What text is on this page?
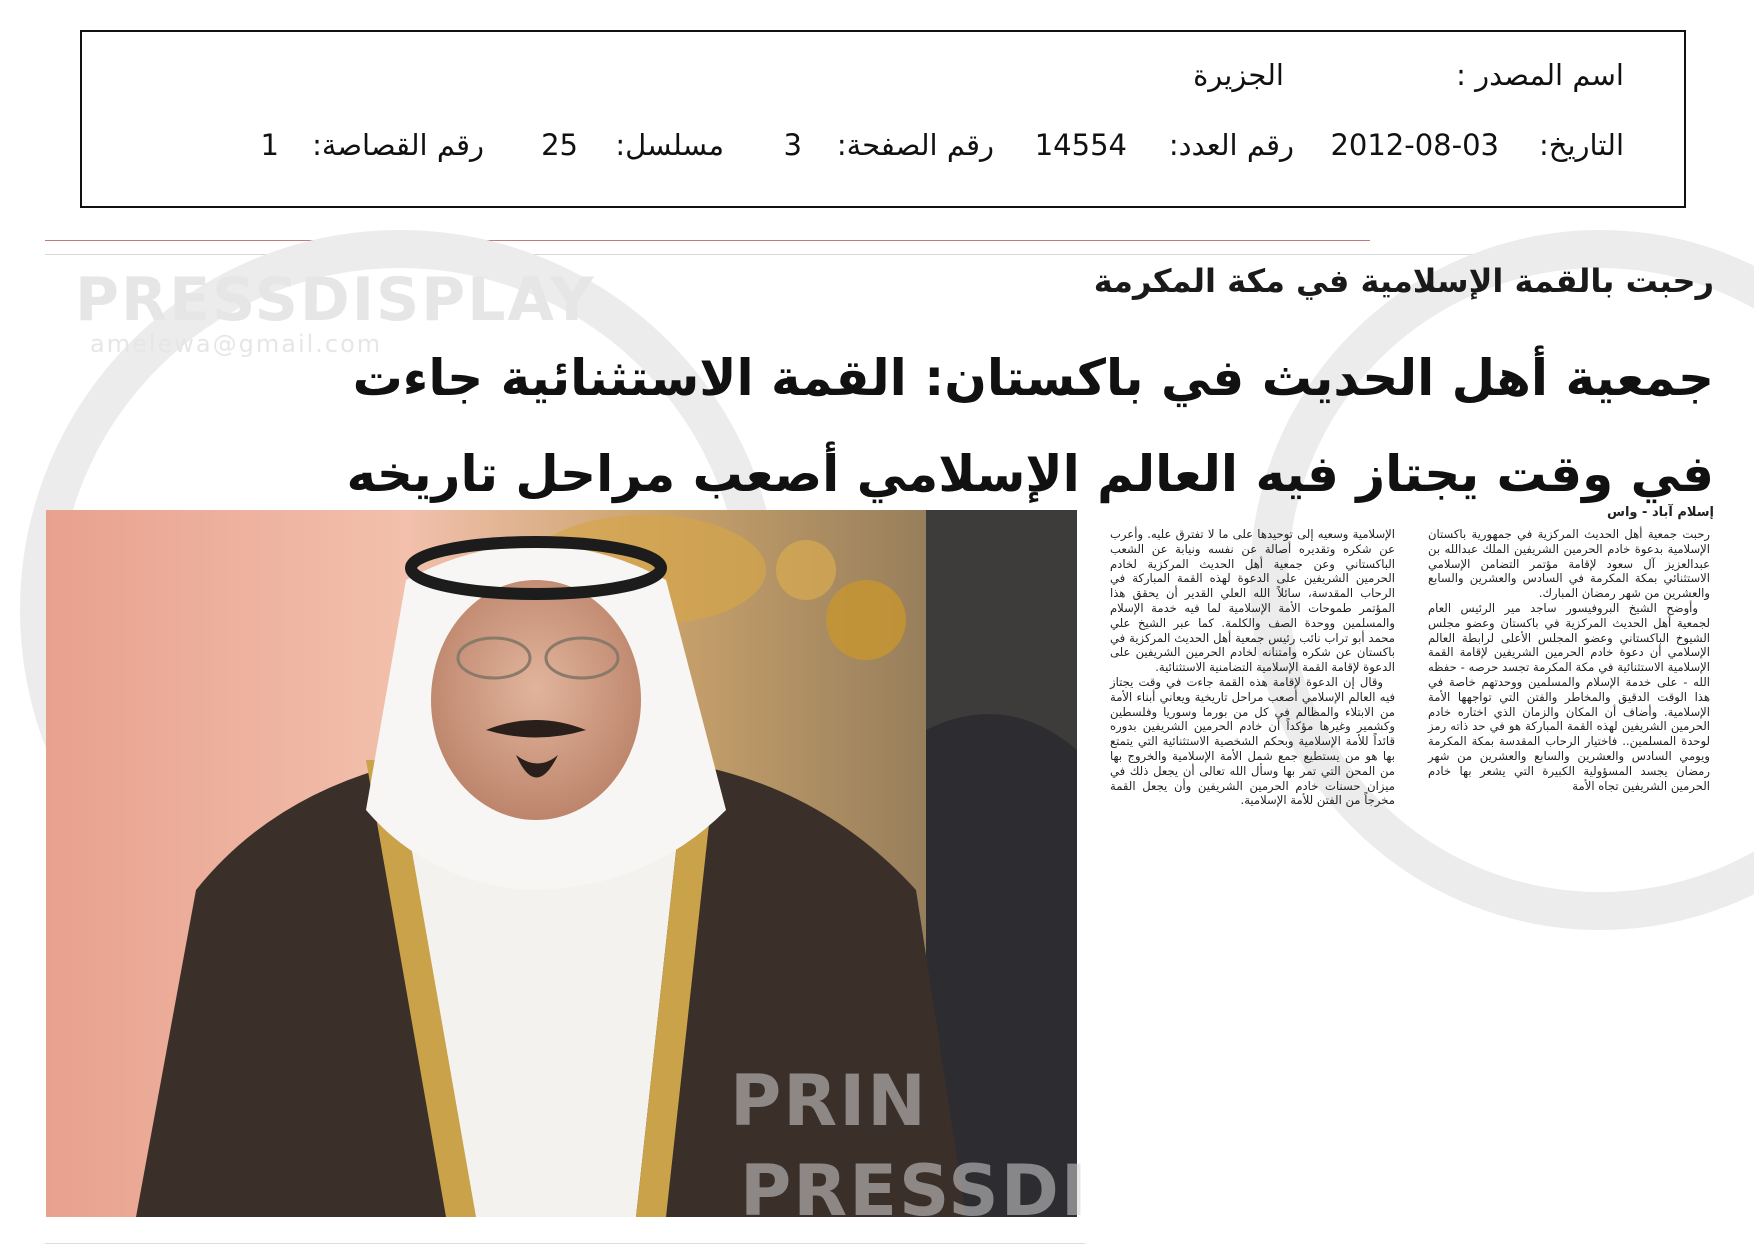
اسم المصدر :
الجزيرة
التاريخ:
2012-08-03
رقم العدد:
14554
رقم الصفحة:
3
مسلسل:
25
رقم القصاصة:
1
PRESSDISPLAY
amelewa@gmail.com
رحبت بالقمة الإسلامية في مكة المكرمة
جمعية أهل الحديث في باكستان: القمة الاستثنائية جاءت
في وقت يجتاز فيه العالم الإسلامي أصعب مراحل تاريخه
إسلام آباد - واس

رحبت جمعية أهل الحديث المركزية في جمهورية باكستان الإسلامية بدعوة خادم الحرمين الشريفين الملك عبدالله بن عبدالعزيز آل سعود لإقامة مؤتمر التضامن الإسلامي الاستثنائي بمكة المكرمة في السادس والعشرين والسابع والعشرين من شهر رمضان المبارك.

وأوضح الشيخ البروفيسور ساجد مير الرئيس العام لجمعية أهل الحديث المركزية في باكستان وعضو مجلس الشيوخ الباكستاني وعضو المجلس الأعلى لرابطة العالم الإسلامي أن دعوة خادم الحرمين الشريفين لإقامة القمة الإسلامية الاستثنائية في مكة المكرمة تجسد حرصه - حفظه الله - على خدمة الإسلام والمسلمين ووحدتهم خاصة في هذا الوقت الدقيق والمخاطر والفتن التي تواجهها الأمة الإسلامية. وأضاف أن المكان والزمان الذي اختاره خادم الحرمين الشريفين لهذه القمة المباركة هو في حد ذاته رمز لوحدة المسلمين.. فاختيار الرحاب المقدسة بمكة المكرمة ويومي السادس والعشرين والسابع والعشرين من شهر رمضان يجسد المسؤولية الكبيرة التي يشعر بها خادم الحرمين الشريفين تجاه الأمة

الإسلامية وسعيه إلى توحيدها على ما لا تفترق عليه. وأعرب عن شكره وتقديره أصالة عن نفسه ونيابة عن الشعب الباكستاني وعن جمعية أهل الحديث المركزية لخادم الحرمين الشريفين على الدعوة لهذه القمة المباركة في الرحاب المقدسة، سائلاً الله العلي القدير أن يحقق هذا المؤتمر طموحات الأمة الإسلامية لما فيه خدمة الإسلام والمسلمين ووحدة الصف والكلمة. كما عبر الشيخ علي محمد أبو تراب نائب رئيس جمعية أهل الحديث المركزية في باكستان عن شكره وامتنانه لخادم الحرمين الشريفين على الدعوة لإقامة القمة الإسلامية التضامنية الاستثنائية.

وقال إن الدعوة لإقامة هذه القمة جاءت في وقت يجتاز فيه العالم الإسلامي أصعب مراحل تاريخية ويعاني أبناء الأمة من الابتلاء والمظالم في كل من بورما وسوريا وفلسطين وكشمير وغيرها مؤكداً أن خادم الحرمين الشريفين بدوره قائداً للأمة الإسلامية وبحكم الشخصية الاستثنائية التي يتمتع بها هو من يستطيع جمع شمل الأمة الإسلامية والخروج بها من المحن التي تمر بها وسأل الله تعالى أن يجعل ذلك في ميزان حسنات خادم الحرمين الشريفين وأن يجعل القمة مخرجاً من الفتن للأمة الإسلامية.

PRIN
PRESSDI
